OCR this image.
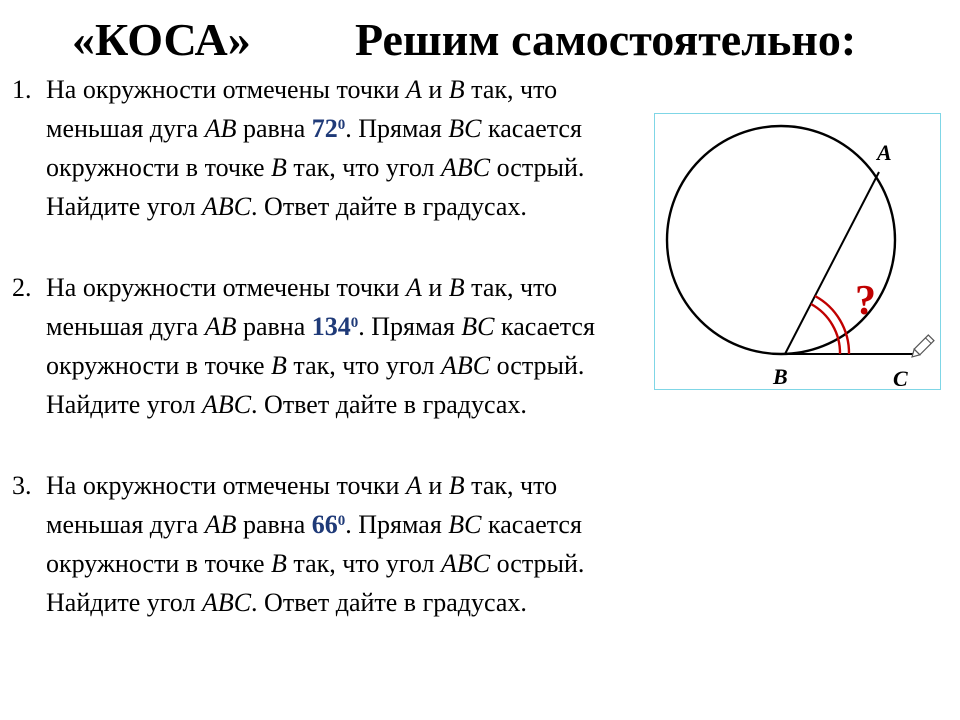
«КОСА» Решим самостоятельно:
1. На окружности отмечены точки A и B так, что меньшая дуга AB равна $72^0$. Прямая BC касается окружности в точке B так, что угол ABC острый. Найдите угол ABC. Ответ дайте в градусах.
2. На окружности отмечены точки A и B так, что меньшая дуга AB равна $134^0$. Прямая BC касается окружности в точке B так, что угол ABC острый. Найдите угол ABC. Ответ дайте в градусах.
3. На окружности отмечены точки A и B так, что меньшая дуга AB равна $66^0$. Прямая BC касается окружности в точке B так, что угол ABC острый. Найдите угол ABC. Ответ дайте в градусах.
A
B	C
?
